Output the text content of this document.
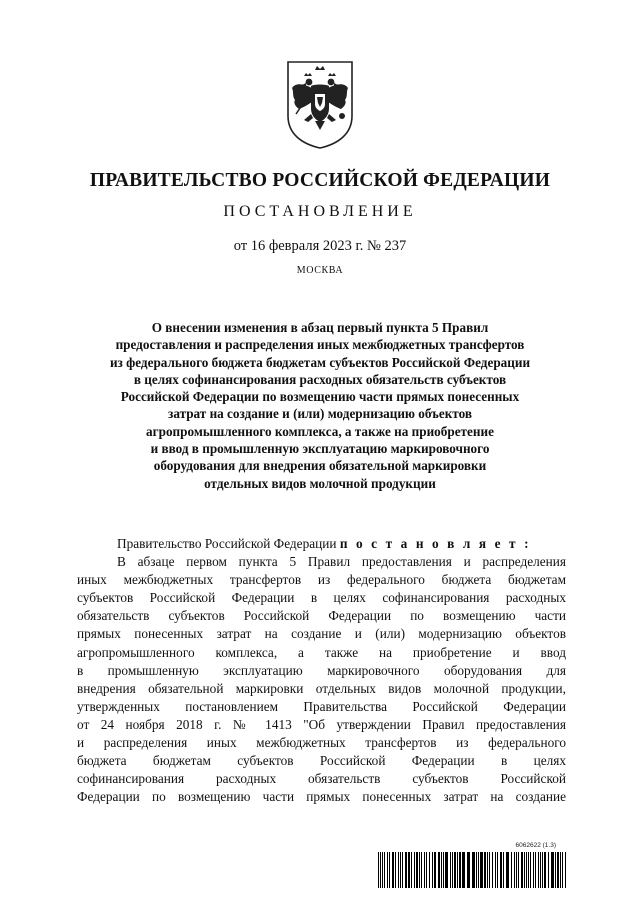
ПРАВИТЕЛЬСТВО РОССИЙСКОЙ ФЕДЕРАЦИИ
ПОСТАНОВЛЕНИЕ
от 16 февраля 2023 г. № 237
МОСКВА
О внесении изменения в абзац первый пункта 5 Правил
предоставления и распределения иных межбюджетных трансфертов
из федерального бюджета бюджетам субъектов Российской Федерации
в целях софинансирования расходных обязательств субъектов
Российской Федерации по возмещению части прямых понесенных
затрат на создание и (или) модернизацию объектов
агропромышленного комплекса, а также на приобретение
и ввод в промышленную эксплуатацию маркировочного
оборудования для внедрения обязательной маркировки
отдельных видов молочной продукции
Правительство Российской Федерации п о с т а н о в л я е т :
В абзаце первом пункта 5 Правил предоставления и распределения
иных межбюджетных трансфертов из федерального бюджета бюджетам
субъектов Российской Федерации в целях софинансирования расходных
обязательств субъектов Российской Федерации по возмещению части
прямых понесенных затрат на создание и (или) модернизацию объектов
агропромышленного комплекса, а также на приобретение и ввод
в промышленную эксплуатацию маркировочного оборудования для
внедрения обязательной маркировки отдельных видов молочной продукции,
утвержденных постановлением Правительства Российской Федерации
от 24 ноября 2018 г. № 1413 "Об утверждении Правил предоставления
и распределения иных межбюджетных трансфертов из федерального
бюджета бюджетам субъектов Российской Федерации в целях
софинансирования расходных обязательств субъектов Российской
Федерации по возмещению части прямых понесенных затрат на создание
6062622 (1.3)
